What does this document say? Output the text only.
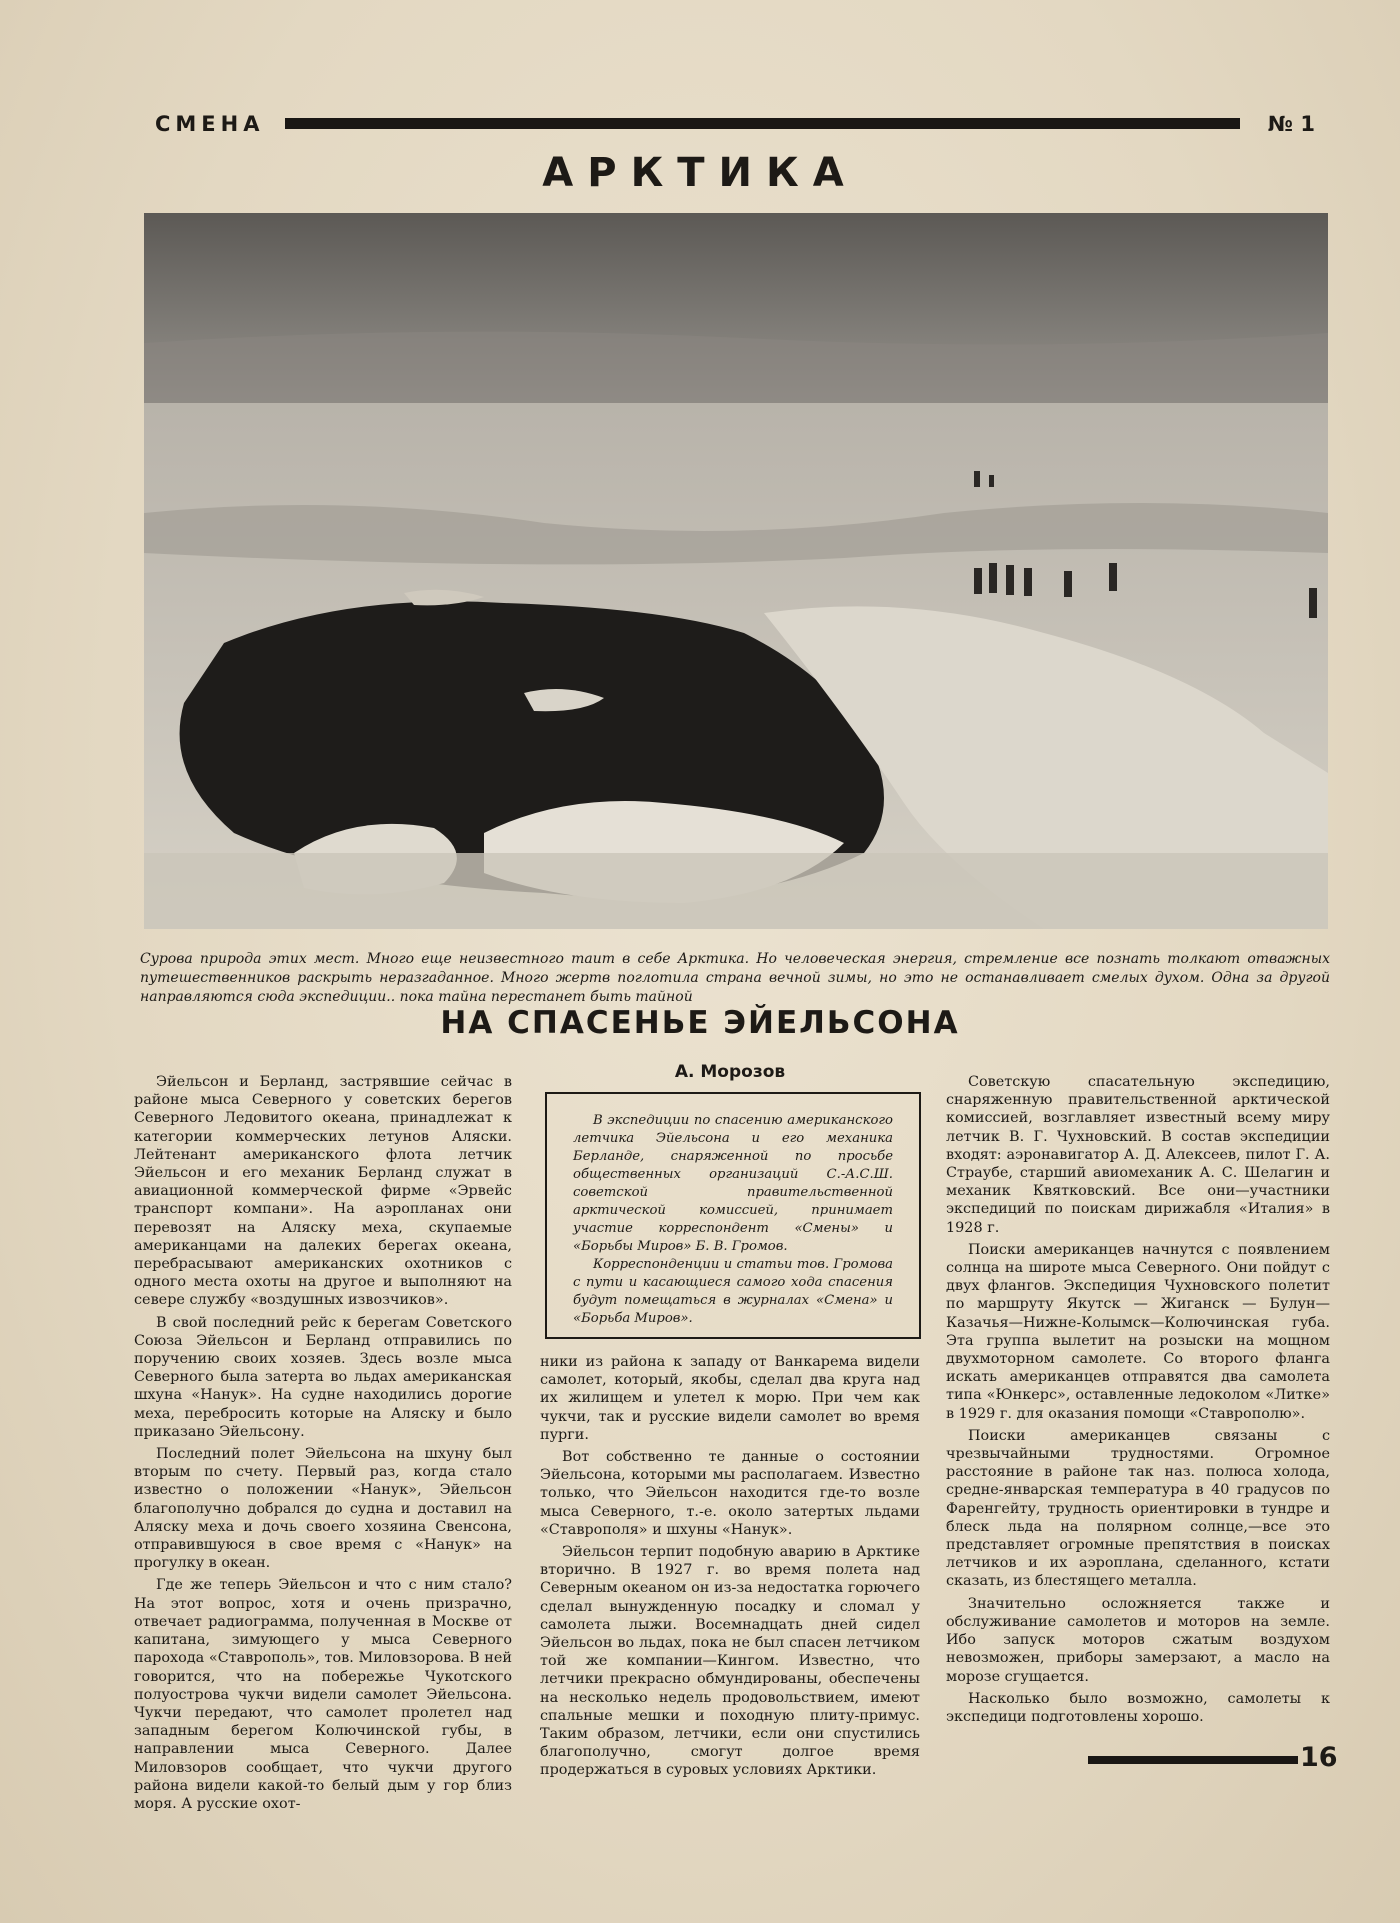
СМЕНА	№ 1
АРКТИКА
Сурова природа этих мест. Много еще неизвестного таит в себе Арктика. Но человеческая энергия, стремление все познать толкают отважных путешественников раскрыть неразгаданное. Много жертв поглотила страна вечной зимы, но это не останавливает смелых духом. Одна за другой направляются сюда экспедиции.. пока тайна перестанет быть тайной
НА СПАСЕНЬЕ ЭЙЕЛЬСОНА
А. Морозов

Эйельсон и Берланд, застрявшие сейчас в районе мыса Северного у советских берегов Северного Ледовитого океана, принадлежат к категории коммерческих летунов Аляски. Лейтенант американского флота летчик Эйельсон и его механик Берланд служат в авиационной коммерческой фирме «Эрвейс транспорт компани». На аэропланах они перевозят на Аляску меха, скупаемые американцами на далеких берегах океана, перебрасывают американских охотников с одного места охоты на другое и выполняют на севере службу «воздушных извозчиков».

В свой последний рейс к берегам Советского Союза Эйельсон и Берланд отправились по поручению своих хозяев. Здесь возле мыса Северного была затерта во льдах американская шхуна «Нанук». На судне находились дорогие меха, перебросить которые на Аляску и было приказано Эйельсону.

Последний полет Эйельсона на шхуну был вторым по счету. Первый раз, когда стало известно о положении «Нанук», Эйельсон благополучно добрался до судна и доставил на Аляску меха и дочь своего хозяина Свенсона, отправившуюся в свое время с «Нанук» на прогулку в океан.

Где же теперь Эйельсон и что с ним стало? На этот вопрос, хотя и очень призрачно, отвечает радиограмма, полученная в Москве от капитана, зимующего у мыса Северного парохода «Ставрополь», тов. Миловзорова. В ней говорится, что на побережье Чукотского полуострова чукчи видели самолет Эйельсона. Чукчи передают, что самолет пролетел над западным берегом Колючинской губы, в направлении мыса Северного. Далее Миловзоров сообщает, что чукчи другого района видели какой-то белый дым у гор близ моря. А русские охот-

В экспедиции по спасению американского летчика Эйельсона и его механика Берланде, снаряженной по просьбе общественных организаций С.-А.С.Ш. советской правительственной арктической комиссией, принимает участие корреспондент «Смены» и «Борьбы Миров» Б. В. Громов.

Корреспонденции и статьи тов. Громова с пути и касающиеся самого хода спасения будут помещаться в журналах «Смена» и «Борьба Миров».

ники из района к западу от Ванкарема видели самолет, который, якобы, сделал два круга над их жилищем и улетел к морю. При чем как чукчи, так и русские видели самолет во время пурги.

Вот собственно те данные о состоянии Эйельсона, которыми мы располагаем. Известно только, что Эйельсон находится где-то возле мыса Северного, т.-е. около затертых льдами «Ставрополя» и шхуны «Нанук».

Эйельсон терпит подобную аварию в Арктике вторично. В 1927 г. во время полета над Северным океаном он из-за недостатка горючего сделал вынужденную посадку и сломал у самолета лыжи. Восемнадцать дней сидел Эйельсон во льдах, пока не был спасен летчиком той же компании—Кингом. Известно, что летчики прекрасно обмундированы, обеспечены на несколько недель продовольствием, имеют спальные мешки и походную плиту-примус. Таким образом, летчики, если они спустились благополучно, смогут долгое время продержаться в суровых условиях Арктики.

Советскую спасательную экспедицию, снаряженную правительственной арктической комиссией, возглавляет известный всему миру летчик В. Г. Чухновский. В состав экспедиции входят: аэронавигатор А. Д. Алексеев, пилот Г. А. Страубе, старший авиомеханик А. С. Шелагин и механик Квятковский. Все они—участники экспедиций по поискам дирижабля «Италия» в 1928 г.

Поиски американцев начнутся с появлением солнца на широте мыса Северного. Они пойдут с двух флангов. Экспедиция Чухновского полетит по маршруту Якутск — Жиганск — Булун—Казачья—Нижне-Колымск—Колючинская губа. Эта группа вылетит на розыски на мощном двухмоторном самолете. Со второго фланга искать американцев отправятся два самолета типа «Юнкерс», оставленные ледоколом «Литке» в 1929 г. для оказания помощи «Ставрополю».

Поиски американцев связаны с чрезвычайными трудностями. Огромное расстояние в районе так наз. полюса холода, средне-январская температура в 40 градусов по Фаренгейту, трудность ориентировки в тундре и блеск льда на полярном солнце,—все это представляет огромные препятствия в поисках летчиков и их аэроплана, сделанного, кстати сказать, из блестящего металла.

Значительно осложняется также и обслуживание самолетов и моторов на земле. Ибо запуск моторов сжатым воздухом невозможен, приборы замерзают, а масло на морозе сгущается.

Насколько было возможно, самолеты к экспедици подготовлены хорошо.

16
